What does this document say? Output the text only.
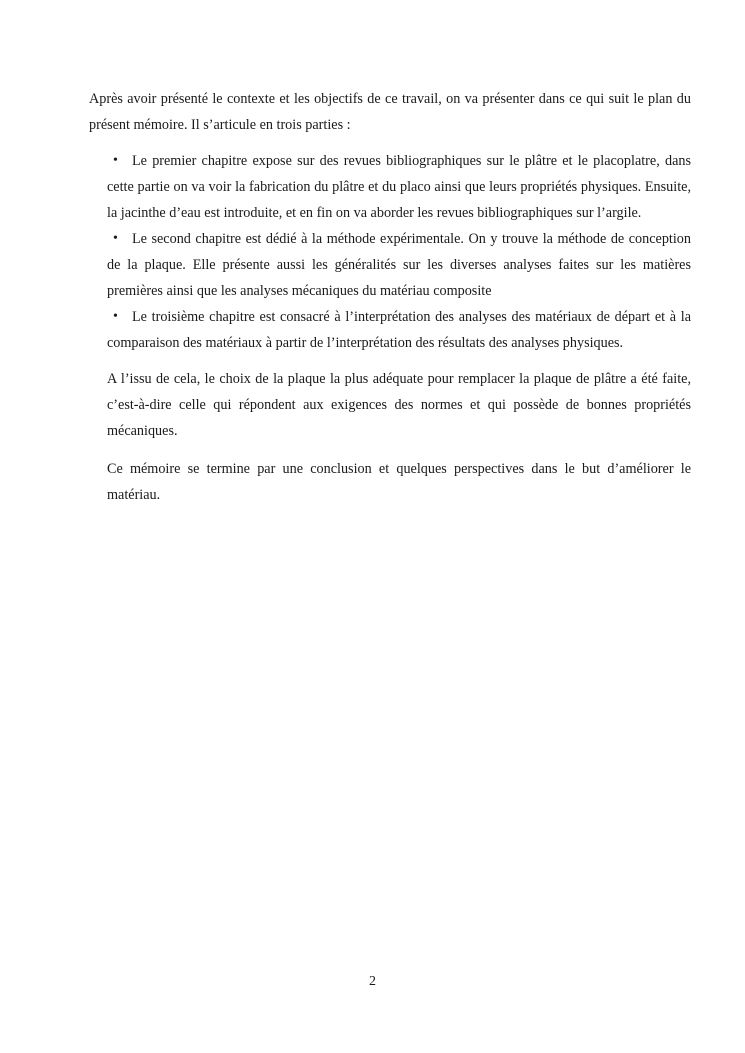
Après avoir présenté le contexte et les objectifs de ce travail, on va présenter dans ce qui suit le plan du présent mémoire. Il s’articule en trois parties :

• Le premier chapitre expose sur des revues bibliographiques sur le plâtre et le placoplatre, dans cette partie on va voir la fabrication du plâtre et du placo ainsi que leurs propriétés physiques. Ensuite, la jacinthe d’eau est introduite, et en fin on va aborder les revues bibliographiques sur l’argile.
• Le second chapitre est dédié à la méthode expérimentale. On y trouve la méthode de conception de la plaque. Elle présente aussi les généralités sur les diverses analyses faites sur les matières premières ainsi que les analyses mécaniques du matériau composite
• Le troisième chapitre est consacré à l’interprétation des analyses des matériaux de départ et à la comparaison des matériaux à partir de l’interprétation des résultats des analyses physiques.

A l’issu de cela, le choix de la plaque la plus adéquate pour remplacer la plaque de plâtre a été faite, c’est-à-dire celle qui répondent aux exigences des normes et qui possède de bonnes propriétés mécaniques.

Ce mémoire se termine par une conclusion et quelques perspectives dans le but d’améliorer le matériau.

2
